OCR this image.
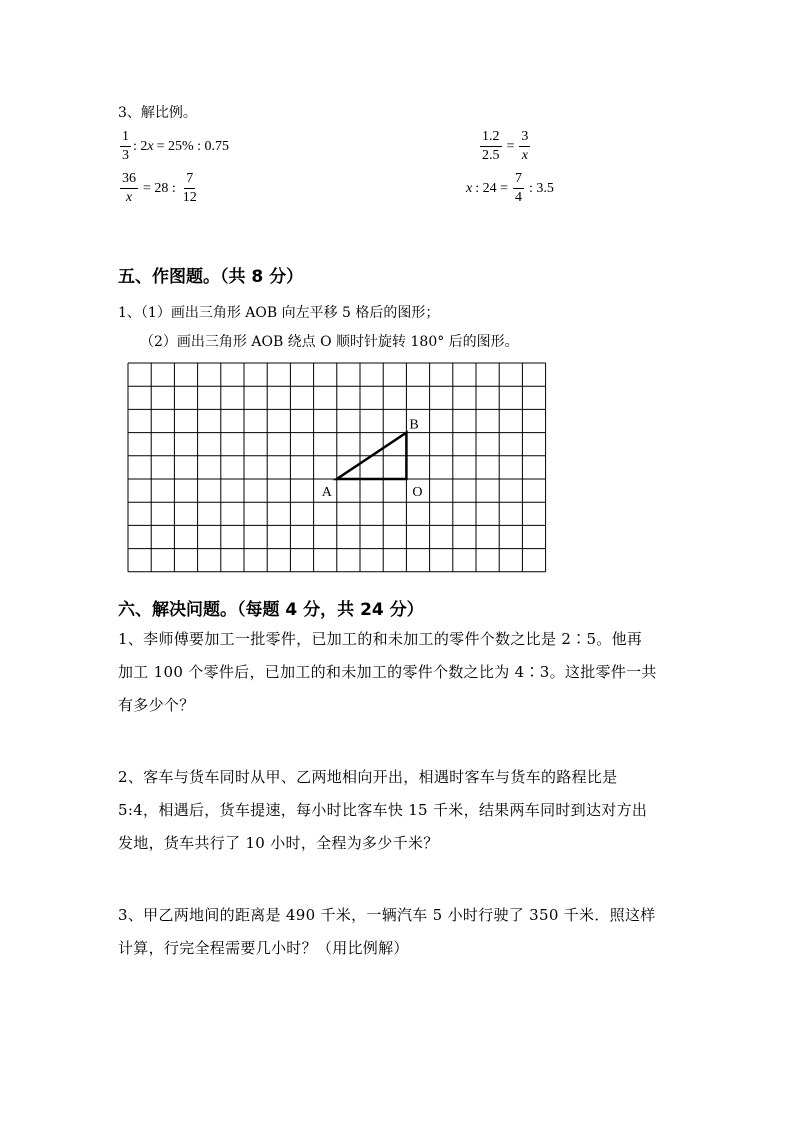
3、解比例。
$\frac{1}{3}$ : 2 x = 25% : 0.75	$\frac{1.2}{2.5} = \frac{3}{x}$
$\frac{36}{x} = 28$ : $\frac{7}{12}$	x : $24 = \frac{7}{4}$ : 3.5
五、作图题。（共 8 分）
1、（1）画出三角形 AOB 向左平移 5 格后的图形；
（2）画出三角形 AOB 绕点 O 顺时针旋转 180° 后的图形。
A
B
O
六、解决问题。（每题 4 分，共 24 分）
1、李师傅要加工一批零件，已加工的和未加工的零件个数之比是 2∶5。他再
加工 100 个零件后，已加工的和未加工的零件个数之比为 4∶3。这批零件一共
有多少个？
2、客车与货车同时从甲、乙两地相向开出，相遇时客车与货车的路程比是
5:4，相遇后，货车提速，每小时比客车快 15 千米，结果两车同时到达对方出
发地，货车共行了 10 小时，全程为多少千米？
3、甲乙两地间的距离是 490 千米，一辆汽车 5 小时行驶了 350 千米．照这样
计算，行完全程需要几小时？（用比例解）
